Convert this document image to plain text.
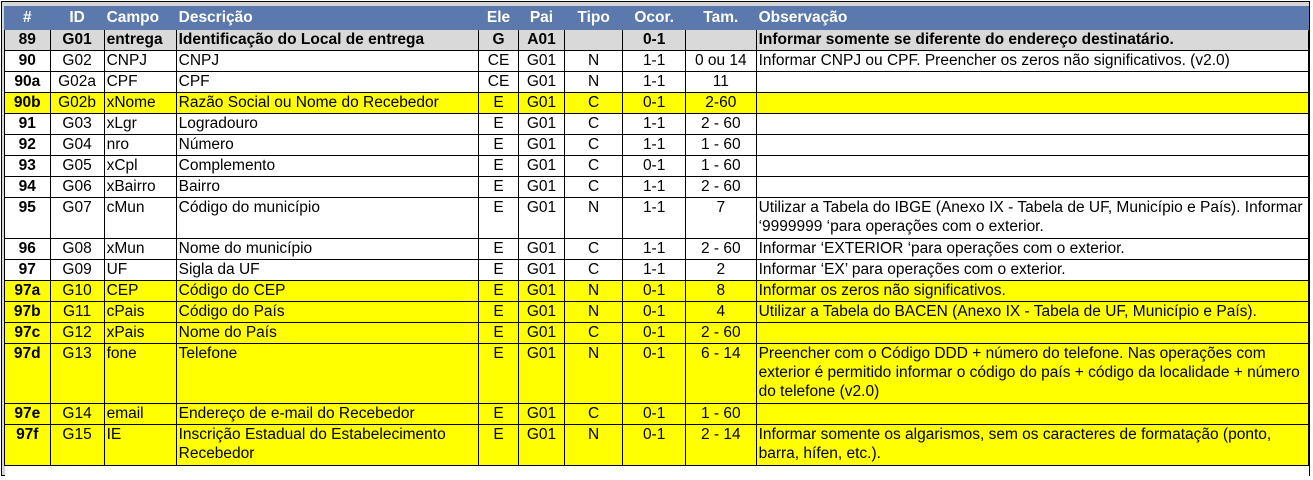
#	ID	Campo	Descrição	Ele	Pai	Tipo	Ocor.	Tam.	Observação
89	G01	entrega	Identificação do Local de entrega	G	A01		0-1		Informar somente se diferente do endereço destinatário.
90	G02	CNPJ	CNPJ	CE	G01	N	1-1	0 ou 14	Informar CNPJ ou CPF. Preencher os zeros não significativos. (v2.0)
90a	G02a	CPF	CPF	CE	G01	N	1-1	11	
90b	G02b	xNome	Razão Social ou Nome do Recebedor	E	G01	C	0-1	2-60	
91	G03	xLgr	Logradouro	E	G01	C	1-1	2 - 60	
92	G04	nro	Número	E	G01	C	1-1	1 - 60	
93	G05	xCpl	Complemento	E	G01	C	0-1	1 - 60	
94	G06	xBairro	Bairro	E	G01	C	1-1	2 - 60	
95	G07	cMun	Código do município	E	G01	N	1-1	7	Utilizar a Tabela do IBGE (Anexo IX - Tabela de UF, Município e País). Informar ‘9999999 ‘para operações com o exterior.
96	G08	xMun	Nome do município	E	G01	C	1-1	2 - 60	Informar ‘EXTERIOR ‘para operações com o exterior.
97	G09	UF	Sigla da UF	E	G01	C	1-1	2	Informar ‘EX’ para operações com o exterior.
97a	G10	CEP	Código do CEP	E	G01	N	0-1	8	Informar os zeros não significativos.
97b	G11	cPais	Código do País	E	G01	N	0-1	4	Utilizar a Tabela do BACEN (Anexo IX - Tabela de UF, Município e País).
97c	G12	xPais	Nome do País	E	G01	C	0-1	2 - 60	
97d	G13	fone	Telefone	E	G01	N	0-1	6 - 14	Preencher com o Código DDD + número do telefone. Nas operações com exterior é permitido informar o código do país + código da localidade + número do telefone (v2.0)
97e	G14	email	Endereço de e-mail do Recebedor	E	G01	C	0-1	1 - 60	
97f	G15	IE	Inscrição Estadual do Estabelecimento Recebedor	E	G01	N	0-1	2 - 14	Informar somente os algarismos, sem os caracteres de formatação (ponto, barra, hífen, etc.).
